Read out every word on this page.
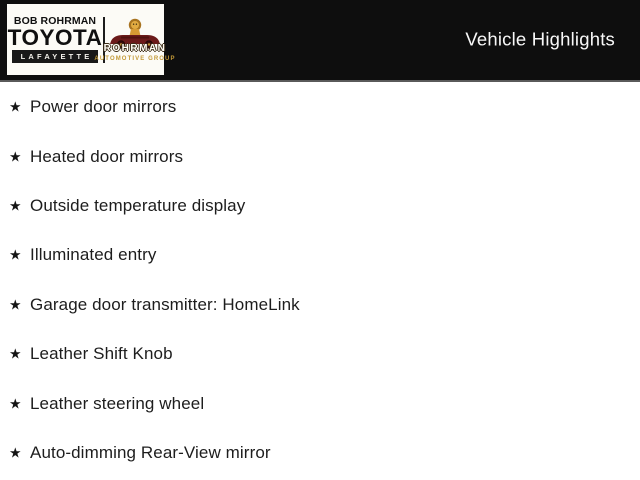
BOB ROHRMAN
TOYOTA
LAFAYETTE
ROHRMAN
AUTOMOTIVE GROUP
Vehicle Highlights
★ Power door mirrors
★ Heated door mirrors
★ Outside temperature display
★ Illuminated entry
★ Garage door transmitter: HomeLink
★ Leather Shift Knob
★ Leather steering wheel
★ Auto-dimming Rear-View mirror
